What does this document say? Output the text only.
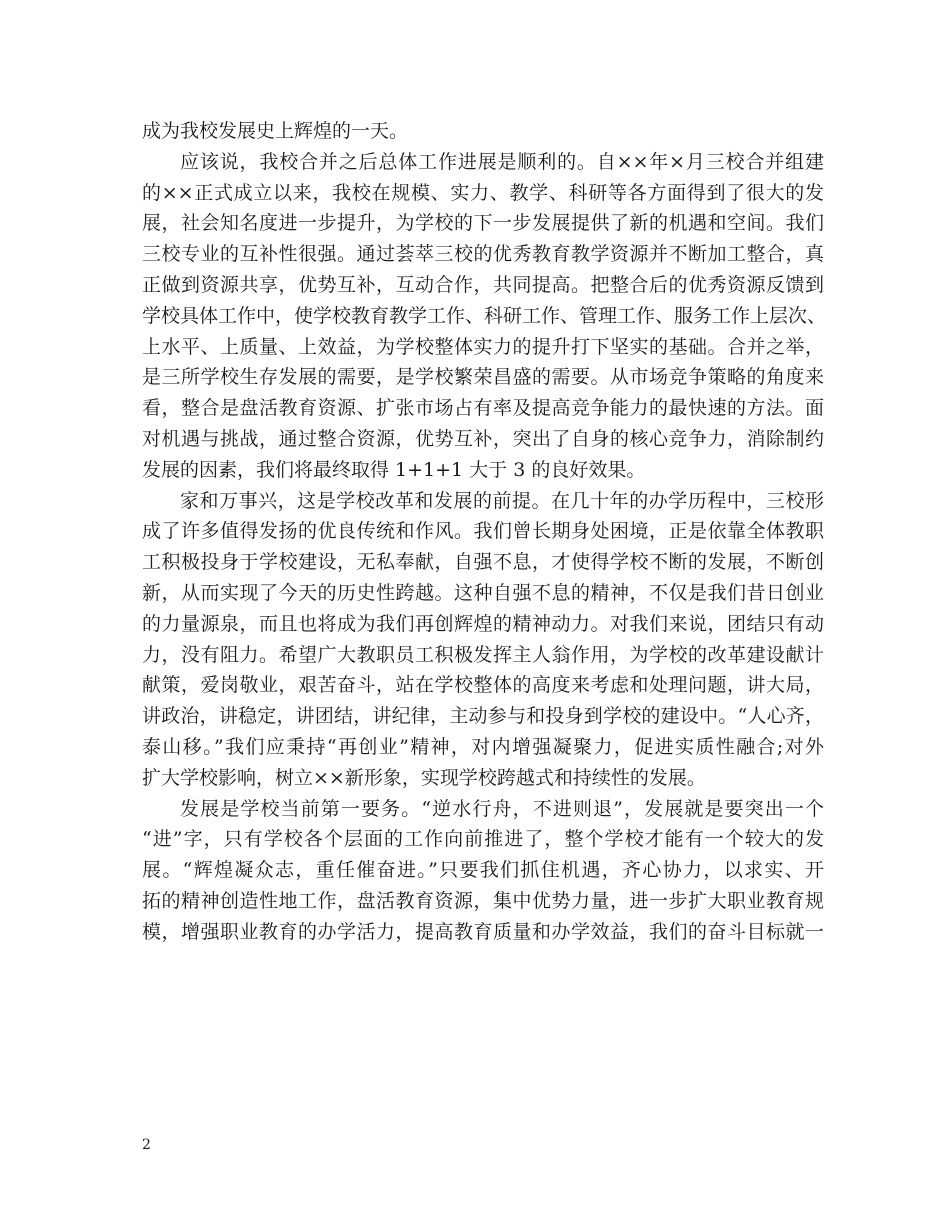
成为我校发展史上辉煌的一天。
应该说，我校合并之后总体工作进展是顺利的。自××年×月三校合并组建
的××正式成立以来，我校在规模、实力、教学、科研等各方面得到了很大的发
展，社会知名度进一步提升，为学校的下一步发展提供了新的机遇和空间。我们
三校专业的互补性很强。通过荟萃三校的优秀教育教学资源并不断加工整合，真
正做到资源共享，优势互补，互动合作，共同提高。把整合后的优秀资源反馈到
学校具体工作中，使学校教育教学工作、科研工作、管理工作、服务工作上层次、
上水平、上质量、上效益，为学校整体实力的提升打下坚实的基础。合并之举，
是三所学校生存发展的需要，是学校繁荣昌盛的需要。从市场竞争策略的角度来
看，整合是盘活教育资源、扩张市场占有率及提高竞争能力的最快速的方法。面
对机遇与挑战，通过整合资源，优势互补，突出了自身的核心竞争力，消除制约
发展的因素，我们将最终取得 1+1+1 大于 3 的良好效果。
家和万事兴，这是学校改革和发展的前提。在几十年的办学历程中，三校形
成了许多值得发扬的优良传统和作风。我们曾长期身处困境，正是依靠全体教职
工积极投身于学校建设，无私奉献，自强不息，才使得学校不断的发展，不断创
新，从而实现了今天的历史性跨越。这种自强不息的精神，不仅是我们昔日创业
的力量源泉，而且也将成为我们再创辉煌的精神动力。对我们来说，团结只有动
力，没有阻力。希望广大教职员工积极发挥主人翁作用，为学校的改革建设献计
献策，爱岗敬业，艰苦奋斗，站在学校整体的高度来考虑和处理问题，讲大局，
讲政治，讲稳定，讲团结，讲纪律，主动参与和投身到学校的建设中。“人心齐，
泰山移。”我们应秉持“再创业”精神，对内增强凝聚力，促进实质性融合;对外
扩大学校影响，树立××新形象，实现学校跨越式和持续性的发展。
发展是学校当前第一要务。“逆水行舟，不进则退”，发展就是要突出一个
“进”字，只有学校各个层面的工作向前推进了，整个学校才能有一个较大的发
展。“辉煌凝众志，重任催奋进。”只要我们抓住机遇，齐心协力，以求实、开
拓的精神创造性地工作，盘活教育资源，集中优势力量，进一步扩大职业教育规
模，增强职业教育的办学活力，提高教育质量和办学效益，我们的奋斗目标就一
2
